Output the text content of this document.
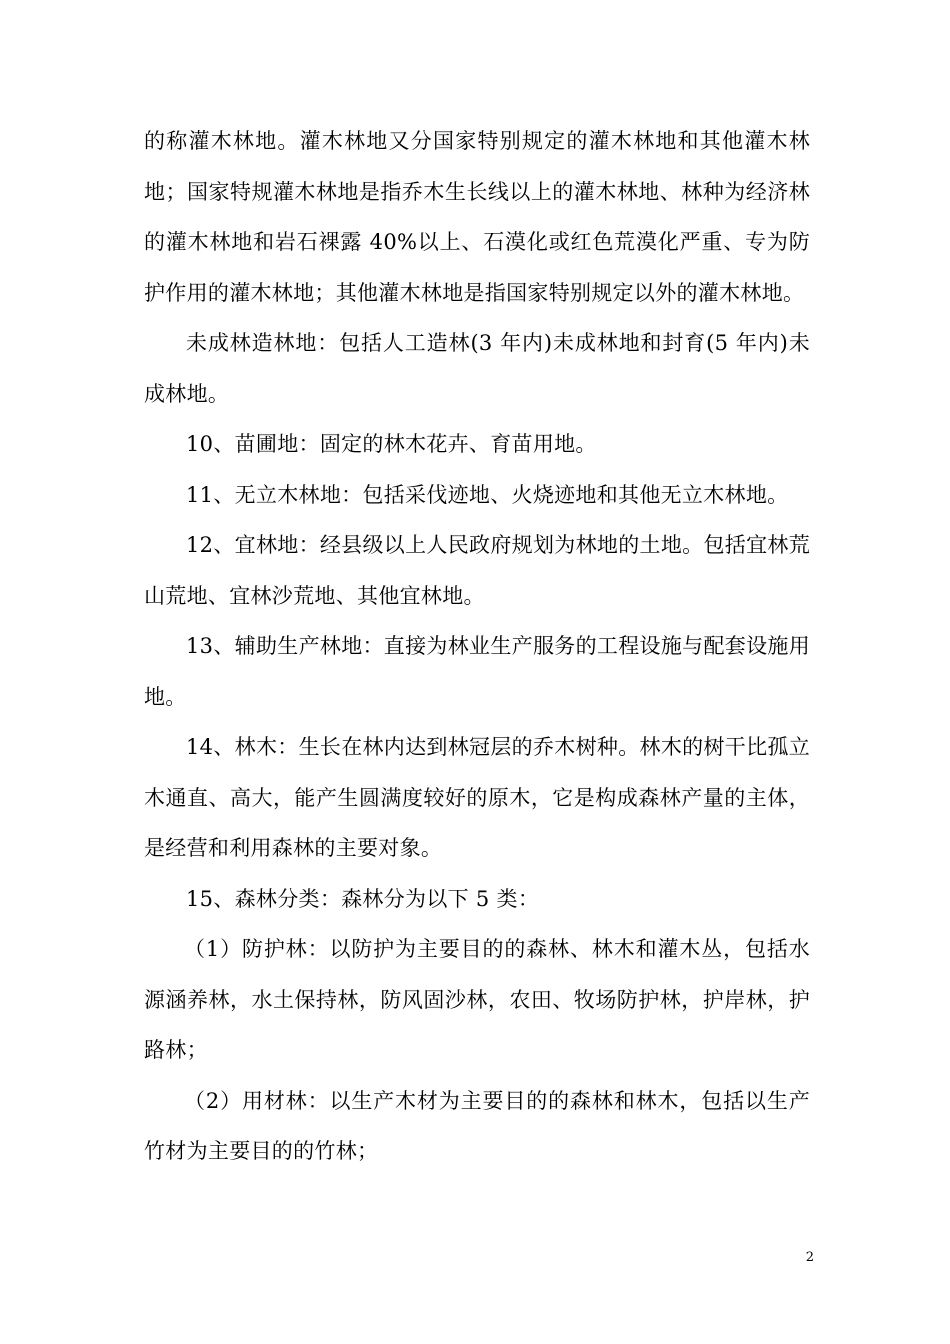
的称灌木林地。灌木林地又分国家特别规定的灌木林地和其他灌木林地；国家特规灌木林地是指乔木生长线以上的灌木林地、林种为经济林的灌木林地和岩石裸露 40%以上、石漠化或红色荒漠化严重、专为防护作用的灌木林地；其他灌木林地是指国家特别规定以外的灌木林地。

未成林造林地：包括人工造林(3 年内)未成林地和封育(5 年内)未成林地。

10、苗圃地：固定的林木花卉、育苗用地。

11、无立木林地：包括采伐迹地、火烧迹地和其他无立木林地。

12、宜林地：经县级以上人民政府规划为林地的土地。包括宜林荒山荒地、宜林沙荒地、其他宜林地。

13、辅助生产林地：直接为林业生产服务的工程设施与配套设施用地。

14、林木：生长在林内达到林冠层的乔木树种。林木的树干比孤立木通直、高大，能产生圆满度较好的原木，它是构成森林产量的主体，是经营和利用森林的主要对象。

15、森林分类：森林分为以下 5 类：

（1）防护林：以防护为主要目的的森林、林木和灌木丛，包括水源涵养林，水土保持林，防风固沙林，农田、牧场防护林，护岸林，护路林；

（2）用材林：以生产木材为主要目的的森林和林木，包括以生产竹材为主要目的的竹林；

2
